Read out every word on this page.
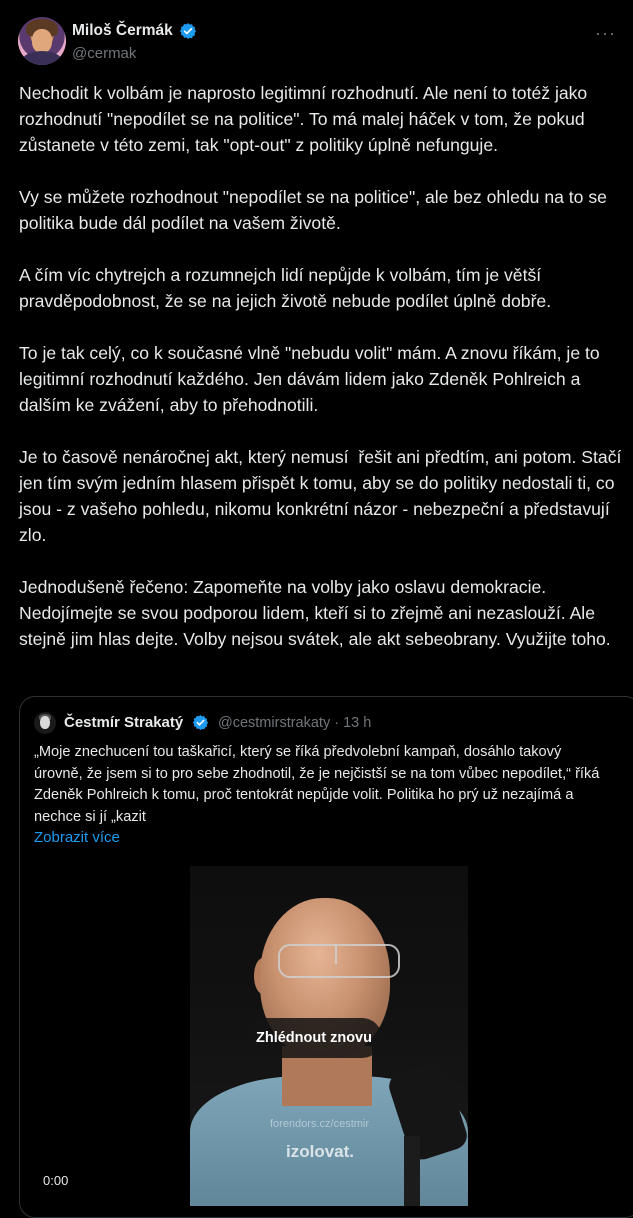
Miloš Čermák
@cermak
···

Nechodit k volbám je naprosto legitimní rozhodnutí. Ale není to totéž jako rozhodnutí "nepodílet se na politice". To má malej háček v tom, že pokud zůstanete v této zemi, tak "opt-out" z politiky úplně nefunguje.

Vy se můžete rozhodnout "nepodílet se na politice", ale bez ohledu na to se politika bude dál podílet na vašem životě.

A čím víc chytrejch a rozumnejch lidí nepůjde k volbám, tím je větší pravděpodobnost, že se na jejich životě nebude podílet úplně dobře.

To je tak celý, co k současné vlně "nebudu volit" mám. A znovu říkám, je to legitimní rozhodnutí každého. Jen dávám lidem jako Zdeněk Pohlreich a dalším ke zvážení, aby to přehodnotili.

Je to časově nenáročnej akt, který nemusí  řešit ani předtím, ani potom. Stačí jen tím svým jedním hlasem přispět k tomu, aby se do politiky nedostali ti, co jsou - z vašeho pohledu, nikomu konkrétní názor - nebezpeční a představují zlo.

Jednodušeně řečeno: Zapomeňte na volby jako oslavu demokracie. Nedojímejte se svou podporou lidem, kteří si to zřejmě ani nezaslouží. Ale stejně jim hlas dejte. Volby nejsou svátek, ale akt sebeobrany. Využijte toho.

Čestmír Strakatý @cestmirstrakaty · 13 h
„Moje znechucení tou taškařicí, který se říká předvolební kampaň, dosáhlo takový úrovně, že jsem si to pro sebe zhodnotil, že je nejčistší se na tom vůbec nepodílet,“ říká Zdeněk Pohlreich k tomu, proč tentokrát nepůjde volit. Politika ho prý už nezajímá a nechce si jí „kazit
Zobrazit více
forendors.cz/cestmir
izolovat.
Zhlédnout znovu
0:00
